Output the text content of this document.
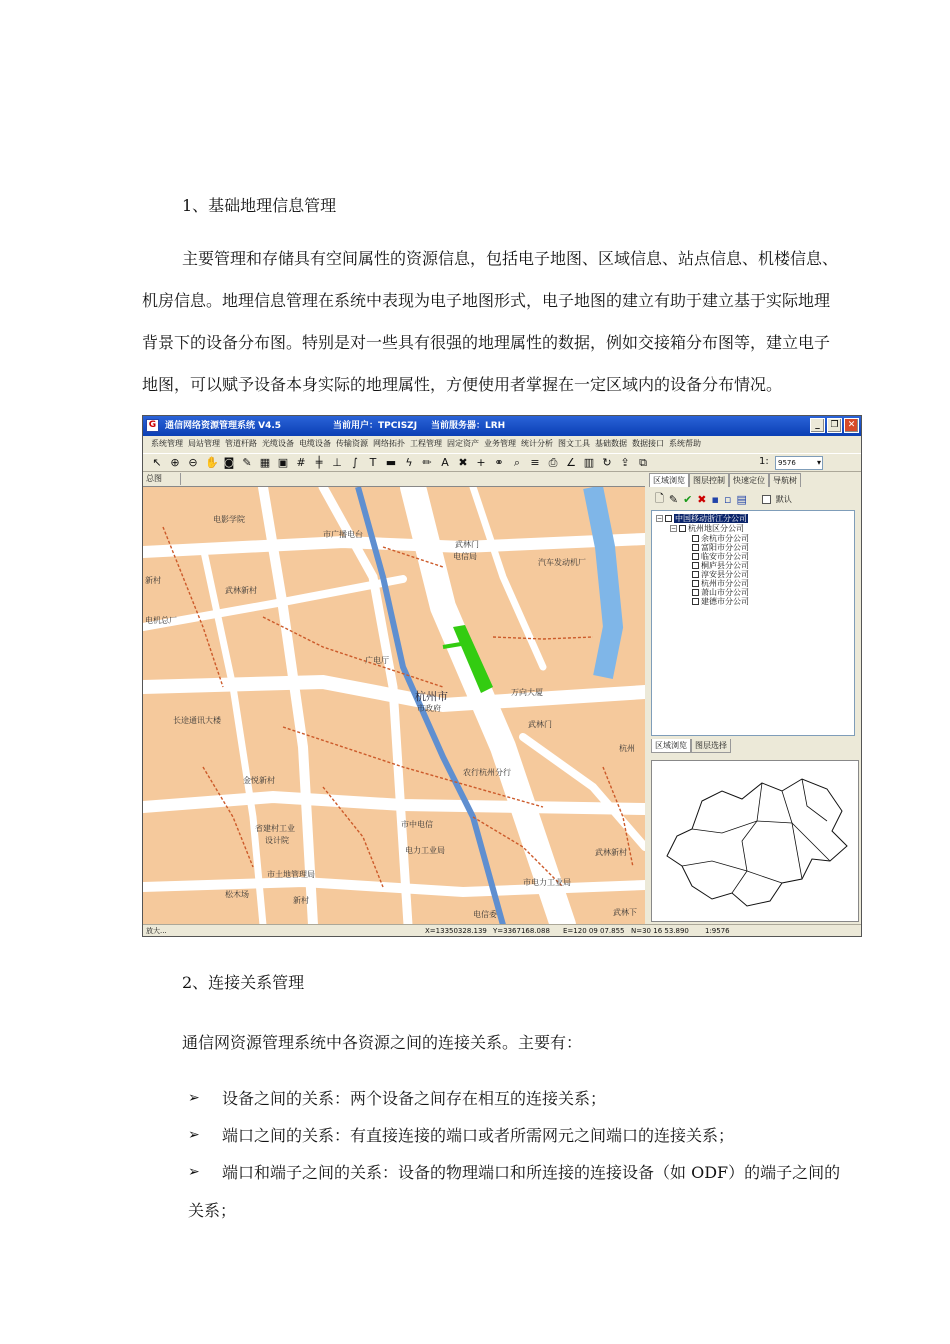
1、基础地理信息管理
主要管理和存储具有空间属性的资源信息，包括电子地图、区域信息、站点信息、机楼信息、
机房信息。地理信息管理在系统中表现为电子地图形式，电子地图的建立有助于建立基于实际地理
背景下的设备分布图。特别是对一些具有很强的地理属性的数据，例如交接箱分布图等，建立电子
地图，可以赋予设备本身实际的地理属性，方便使用者掌握在一定区域内的设备分布情况。
G 通信网络资源管理系统 V4.5	当前用户：TPCISZJ 当前服务器：LRH	_	❐	✕
系统管理 局站管理 管道杆路 光缆设备 电缆设备 传输资源 网络拓扑 工程管理 固定资产 业务管理 统计分析 图文工具 基础数据 数据接口 系统帮助
↖ ⊕ ⊖ ✋ ◙ ✎ ▦ ▣ # ╪ ⊥ ∫ T ▬ ϟ ✏ A ✖ + ⚭ ⌕ ≡ ⎙ ∠ ▥ ↻ ⇪ ⧉	1:	9576 ▾
总图
电影学院
市广播电台
武林门
电信局
汽车发动机厂
新村
武林新村
电机总厂
广电厅
杭州市
市政府
万向大厦
武林门
长途通讯大楼
金悦新村
农行杭州分行
市中电信
电力工业局
杭州
武林新村
省建村工业
设计院
市土地管理局
松木场
新村
电信委	武林下
市电力工业局
区域浏览	图层控制	快速定位	导航树
🗋 ✎ ✔ ✖ ▪ ▫ ▤	默认
− 中国移动浙江分公司
− 杭州地区分公司
余杭市分公司
富阳市分公司
临安市分公司
桐庐县分公司
淳安县分公司
杭州市分公司
萧山市分公司
建德市分公司
区域浏览	图层选择
放大...	X=13350328.139 Y=3367168.088 E=120 09 07.855 N=30 16 53.890 1:9576
2、连接关系管理
通信网资源管理系统中各资源之间的连接关系。主要有：
➢ 设备之间的关系：两个设备之间存在相互的连接关系；
➢ 端口之间的关系：有直接连接的端口或者所需网元之间端口的连接关系；
➢ 端口和端子之间的关系：设备的物理端口和所连接的连接设备（如 ODF）的端子之间的
关系；
